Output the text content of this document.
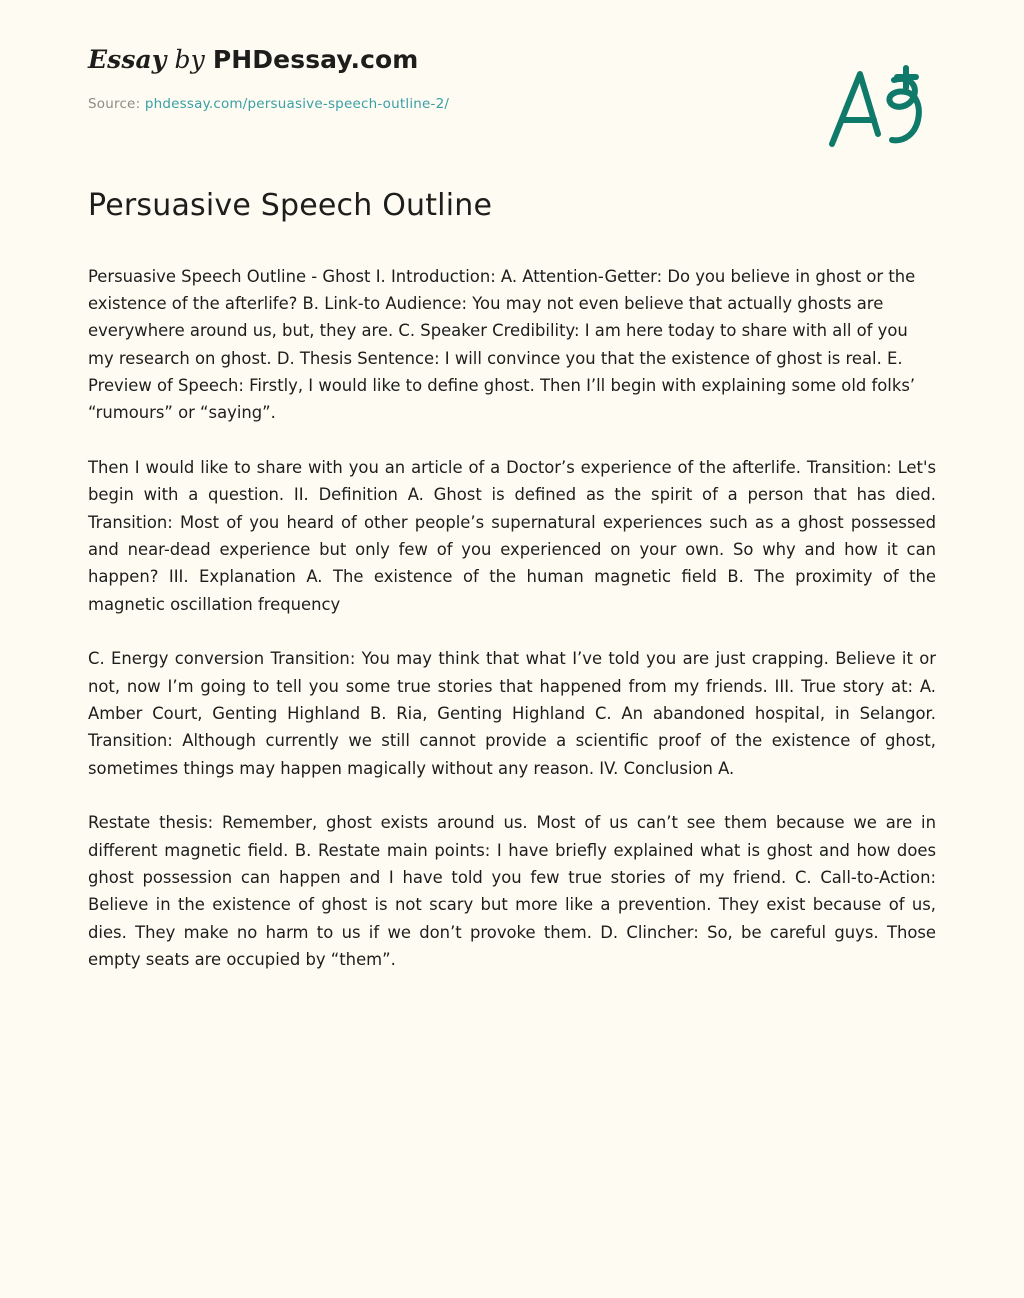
Essay by PHDessay.com
Source: phdessay.com/persuasive-speech-outline-2/
Persuasive Speech Outline

Persuasive Speech Outline - Ghost I. Introduction: A. Attention-Getter: Do you believe in ghost or the existence of the afterlife? B. Link-to Audience: You may not even believe that actually ghosts are everywhere around us, but, they are. C. Speaker Credibility: I am here today to share with all of you my research on ghost. D. Thesis Sentence: I will convince you that the existence of ghost is real. E. Preview of Speech: Firstly, I would like to define ghost. Then I’ll begin with explaining some old folks’ “rumours” or “saying”.

Then I would like to share with you an article of a Doctor’s experience of the afterlife. Transition: Let's begin with a question. II. Definition A. Ghost is defined as the spirit of a person that has died. Transition: Most of you heard of other people’s supernatural experiences such as a ghost possessed and near-dead experience but only few of you experienced on your own. So why and how it can happen? III. Explanation A. The existence of the human magnetic field B. The proximity of the magnetic oscillation frequency

C. Energy conversion Transition: You may think that what I’ve told you are just crapping. Believe it or not, now I’m going to tell you some true stories that happened from my friends. III. True story at: A. Amber Court, Genting Highland B. Ria, Genting Highland C. An abandoned hospital, in Selangor. Transition: Although currently we still cannot provide a scientific proof of the existence of ghost, sometimes things may happen magically without any reason. IV. Conclusion A.

Restate thesis: Remember, ghost exists around us. Most of us can’t see them because we are in different magnetic field. B. Restate main points: I have briefly explained what is ghost and how does ghost possession can happen and I have told you few true stories of my friend. C. Call-to-Action: Believe in the existence of ghost is not scary but more like a prevention. They exist because of us, dies. They make no harm to us if we don’t provoke them. D. Clincher: So, be careful guys. Those empty seats are occupied by “them”.
